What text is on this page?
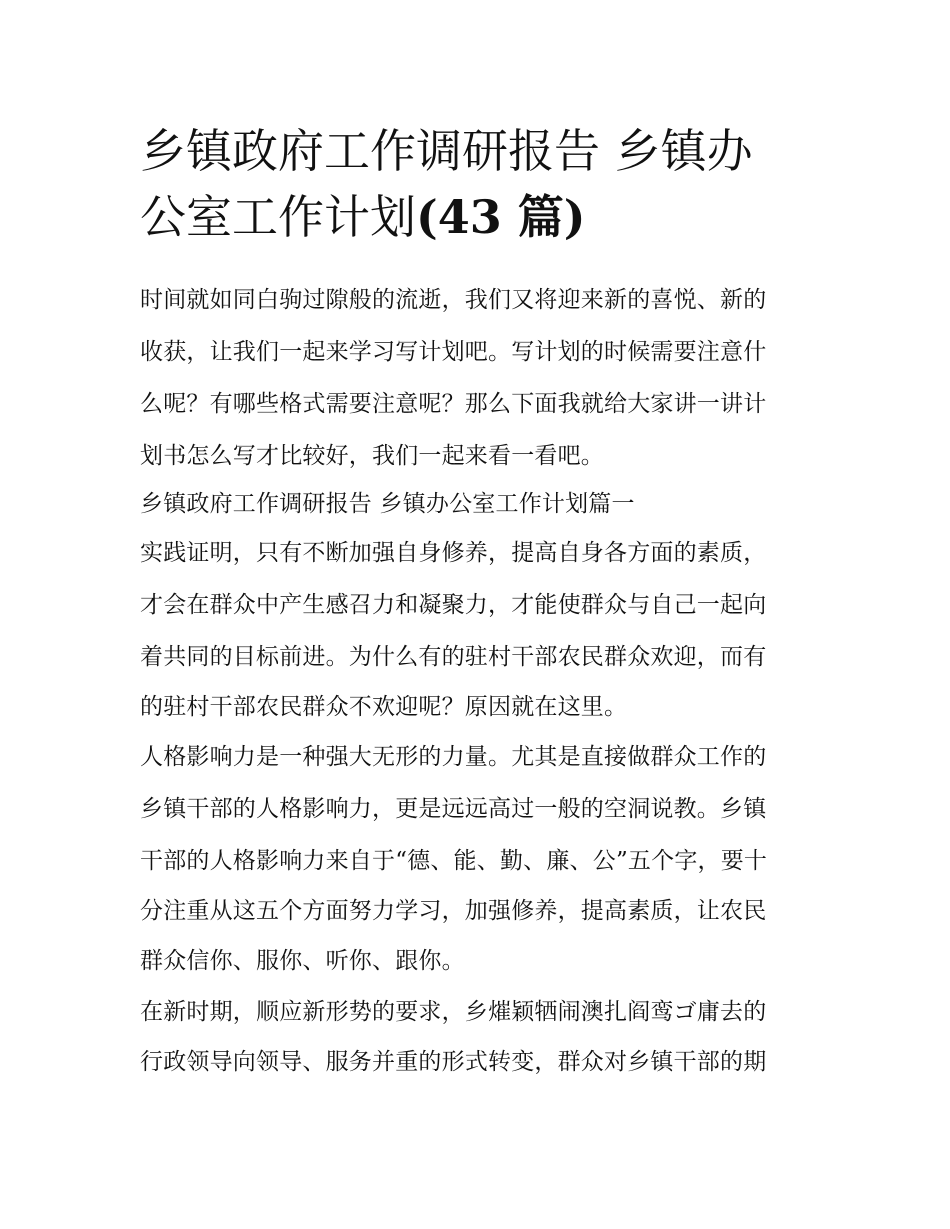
乡镇政府工作调研报告 乡镇办
公室工作计划(43 篇)

时间就如同白驹过隙般的流逝，我们又将迎来新的喜悦、新的

收获，让我们一起来学习写计划吧。写计划的时候需要注意什

么呢？有哪些格式需要注意呢？那么下面我就给大家讲一讲计

划书怎么写才比较好，我们一起来看一看吧。

乡镇政府工作调研报告 乡镇办公室工作计划篇一

实践证明，只有不断加强自身修养，提高自身各方面的素质，

才会在群众中产生感召力和凝聚力，才能使群众与自己一起向

着共同的目标前进。为什么有的驻村干部农民群众欢迎，而有

的驻村干部农民群众不欢迎呢？原因就在这里。

人格影响力是一种强大无形的力量。尤其是直接做群众工作的

乡镇干部的人格影响力，更是远远高过一般的空洞说教。乡镇

干部的人格影响力来自于“德、能、勤、廉、公”五个字，要十

分注重从这五个方面努力学习，加强修养，提高素质，让农民

群众信你、服你、听你、跟你。

在新时期，顺应新形势的要求，乡熣颖牺闹澳扎阎鸾ゴ庸去的

行政领导向领导、服务并重的形式转变，群众对乡镇干部的期
